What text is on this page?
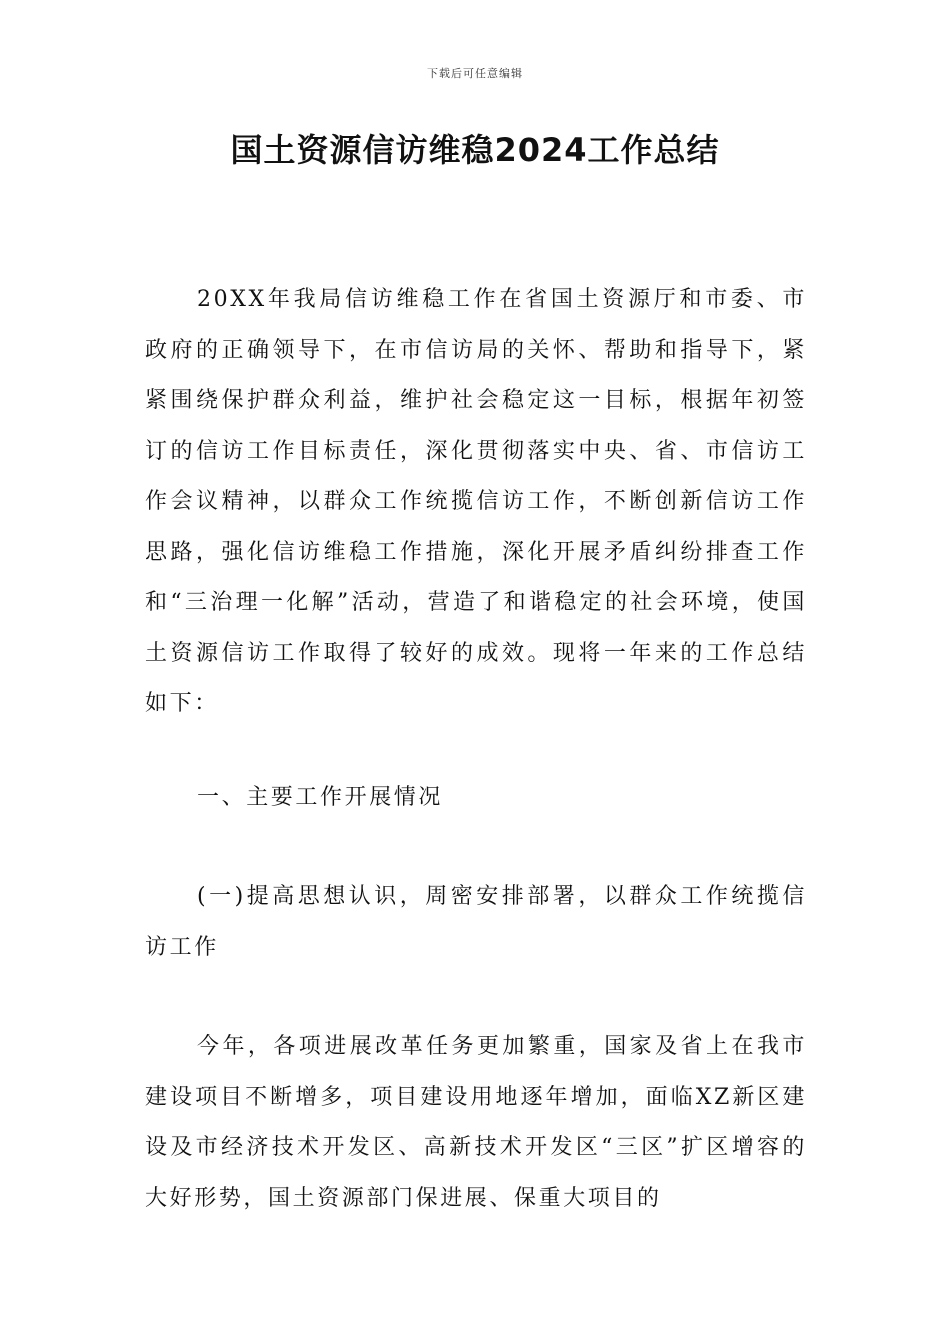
下载后可任意编辑
国土资源信访维稳2024工作总结
20XX年我局信访维稳工作在省国土资源厅和市委、市政府的正确领导下，在市信访局的关怀、帮助和指导下，紧紧围绕保护群众利益，维护社会稳定这一目标，根据年初签订的信访工作目标责任，深化贯彻落实中央、省、市信访工作会议精神，以群众工作统揽信访工作，不断创新信访工作思路，强化信访维稳工作措施，深化开展矛盾纠纷排查工作和“三治理一化解”活动，营造了和谐稳定的社会环境，使国土资源信访工作取得了较好的成效。现将一年来的工作总结如下：
一、主要工作开展情况
(一)提高思想认识，周密安排部署，以群众工作统揽信访工作
今年，各项进展改革任务更加繁重，国家及省上在我市建设项目不断增多，项目建设用地逐年增加，面临XZ新区建设及市经济技术开发区、高新技术开发区“三区”扩区增容的大好形势，国土资源部门保进展、保重大项目的
